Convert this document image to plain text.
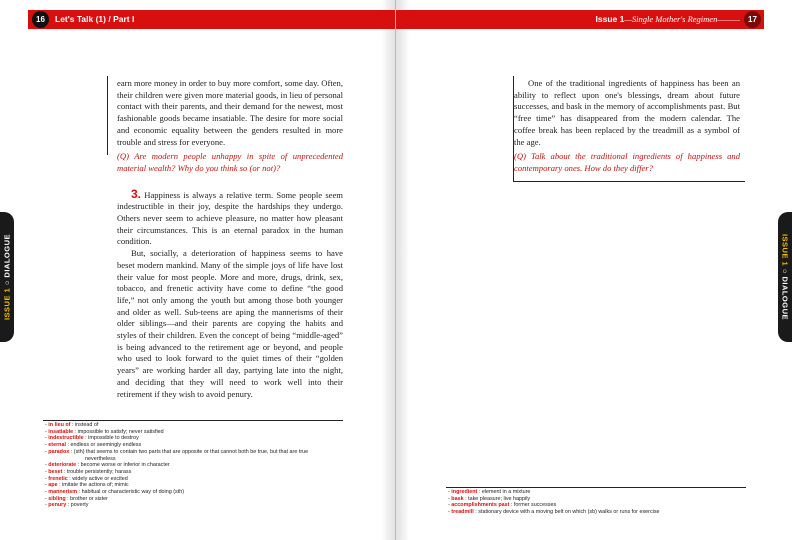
16	Let's Talk (1) / Part I
ISSUE 1 ○ DIALOGUE

earn more money in order to buy more comfort, some day. Often, their children were given more material goods, in lieu of personal contact with their parents, and their demand for the newest, most fashionable goods became insatiable. The desire for more social and economic equality between the genders resulted in more trouble and stress for everyone.

(Q) Are modern people unhappy in spite of unprecedented material wealth? Why do you think so (or not)?

3. Happiness is always a relative term. Some people seem indestructible in their joy, despite the hardships they undergo. Others never seem to achieve pleasure, no matter how pleasant their circumstances. This is an eternal paradox in the human condition.

But, socially, a deterioration of happiness seems to have beset modern mankind. Many of the simple joys of life have lost their value for most people. More and more, drugs, drink, sex, tobacco, and frenetic activity have come to define “the good life,” not only among the youth but among those both younger and older as well. Sub-teens are aping the mannerisms of their older siblings—and their parents are copying the habits and styles of their children. Even the concept of being “middle-aged” is being advanced to the retirement age or beyond, and people who used to look forward to the quiet times of their “golden years” are working harder all day, partying late into the night, and deciding that they will need to work well into their retirement if they wish to avoid penury.

- in lieu of : instead of
- insatiable : impossible to satisfy; never satisfied
- indestructible : impossible to destroy
- eternal : endless or seemingly endless
- paradox : (sth) that seems to contain two parts that are opposite or that cannot both be true, but that are true
nevertheless
- deteriorate : become worse or inferior in character
- beset : trouble persistently; harass
- frenetic : widely active or excited
- ape : imitate the actions of; mimic
- mannerism : habitual or characteristic way of doing (sth)
- sibling : brother or sister
- penury : poverty
Issue 1—Single Mother's Regimen———	17
ISSUE 1 ○ DIALOGUE

One of the traditional ingredients of happiness has been an ability to reflect upon one's blessings, dream about future successes, and bask in the memory of accomplishments past. But “free time” has disappeared from the modern calendar. The coffee break has been replaced by the treadmill as a symbol of the age.

(Q) Talk about the traditional ingredients of happiness and contemporary ones. How do they differ?

- ingredient : element in a mixture
- bask : take pleasure; live happily
- accomplishments past : former successes
- treadmill : stationary device with a moving belt on which (sb) walks or runs for exercise
